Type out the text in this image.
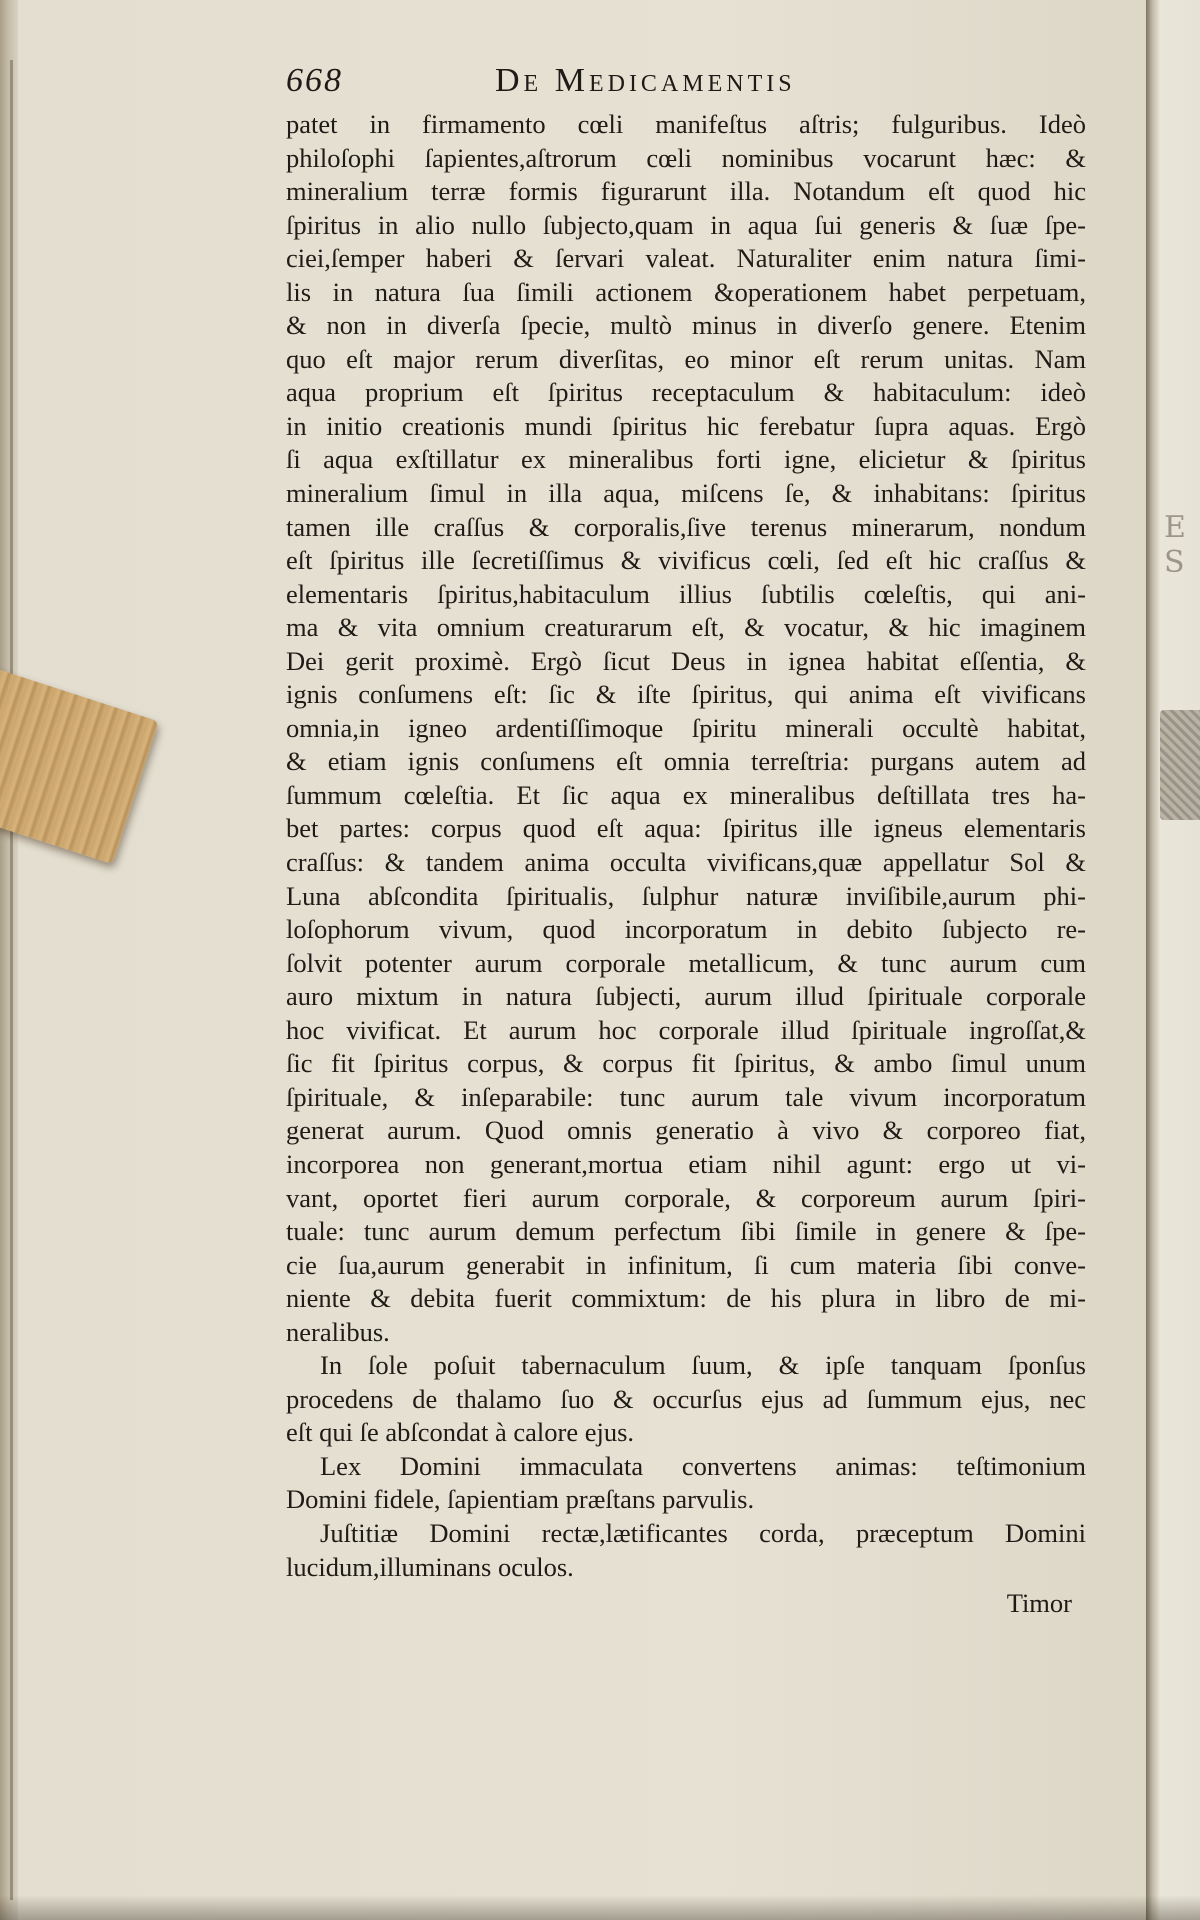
E S
668	De Medicamentis
patet in firmamento cœli manifeſtus aſtris; fulguribus. Ideò
philoſophi ſapientes,aſtrorum cœli nominibus vocarunt hæc: &
mineralium terræ formis figurarunt illa. Notandum eſt quod hic
ſpiritus in alio nullo ſubjecto,quam in aqua ſui generis & ſuæ ſpe-
ciei,ſemper haberi & ſervari valeat. Naturaliter enim natura ſimi-
lis in natura ſua ſimili actionem &operationem habet perpetuam,
& non in diverſa ſpecie, multò minus in diverſo genere. Etenim
quo eſt major rerum diverſitas, eo minor eſt rerum unitas. Nam
aqua proprium eſt ſpiritus receptaculum & habitaculum: ideò
in initio creationis mundi ſpiritus hic ferebatur ſupra aquas. Ergò
ſi aqua exſtillatur ex mineralibus forti igne, elicietur & ſpiritus
mineralium ſimul in illa aqua, miſcens ſe, & inhabitans: ſpiritus
tamen ille craſſus & corporalis,ſive terenus minerarum, nondum
eſt ſpiritus ille ſecretiſſimus & vivificus cœli, ſed eſt hic craſſus &
elementaris ſpiritus,habitaculum illius ſubtilis cœleſtis, qui ani-
ma & vita omnium creaturarum eſt, & vocatur, & hic imaginem
Dei gerit proximè. Ergò ſicut Deus in ignea habitat eſſentia, &
ignis conſumens eſt: ſic & iſte ſpiritus, qui anima eſt vivificans
omnia,in igneo ardentiſſimoque ſpiritu minerali occultè habitat,
& etiam ignis conſumens eſt omnia terreſtria: purgans autem ad
ſummum cœleſtia. Et ſic aqua ex mineralibus deſtillata tres ha-
bet partes: corpus quod eſt aqua: ſpiritus ille igneus elementaris
craſſus: & tandem anima occulta vivificans,quæ appellatur Sol &
Luna abſcondita ſpiritualis, ſulphur naturæ inviſibile,aurum phi-
loſophorum vivum, quod incorporatum in debito ſubjecto re-
ſolvit potenter aurum corporale metallicum, & tunc aurum cum
auro mixtum in natura ſubjecti, aurum illud ſpirituale corporale
hoc vivificat. Et aurum hoc corporale illud ſpirituale ingroſſat,&
ſic fit ſpiritus corpus, & corpus fit ſpiritus, & ambo ſimul unum
ſpirituale, & inſeparabile: tunc aurum tale vivum incorporatum
generat aurum. Quod omnis generatio à vivo & corporeo fiat,
incorporea non generant,mortua etiam nihil agunt: ergo ut vi-
vant, oportet fieri aurum corporale, & corporeum aurum ſpiri-
tuale: tunc aurum demum perfectum ſibi ſimile in genere & ſpe-
cie ſua,aurum generabit in infinitum, ſi cum materia ſibi conve-
niente & debita fuerit commixtum: de his plura in libro de mi-
neralibus.
In ſole poſuit tabernaculum ſuum, & ipſe tanquam ſponſus
procedens de thalamo ſuo & occurſus ejus ad ſummum ejus, nec
eſt qui ſe abſcondat à calore ejus.
Lex Domini immaculata convertens animas: teſtimonium
Domini fidele, ſapientiam præſtans parvulis.
Juſtitiæ Domini rectæ,lætificantes corda, præceptum Domini
lucidum,illuminans oculos.
Timor
